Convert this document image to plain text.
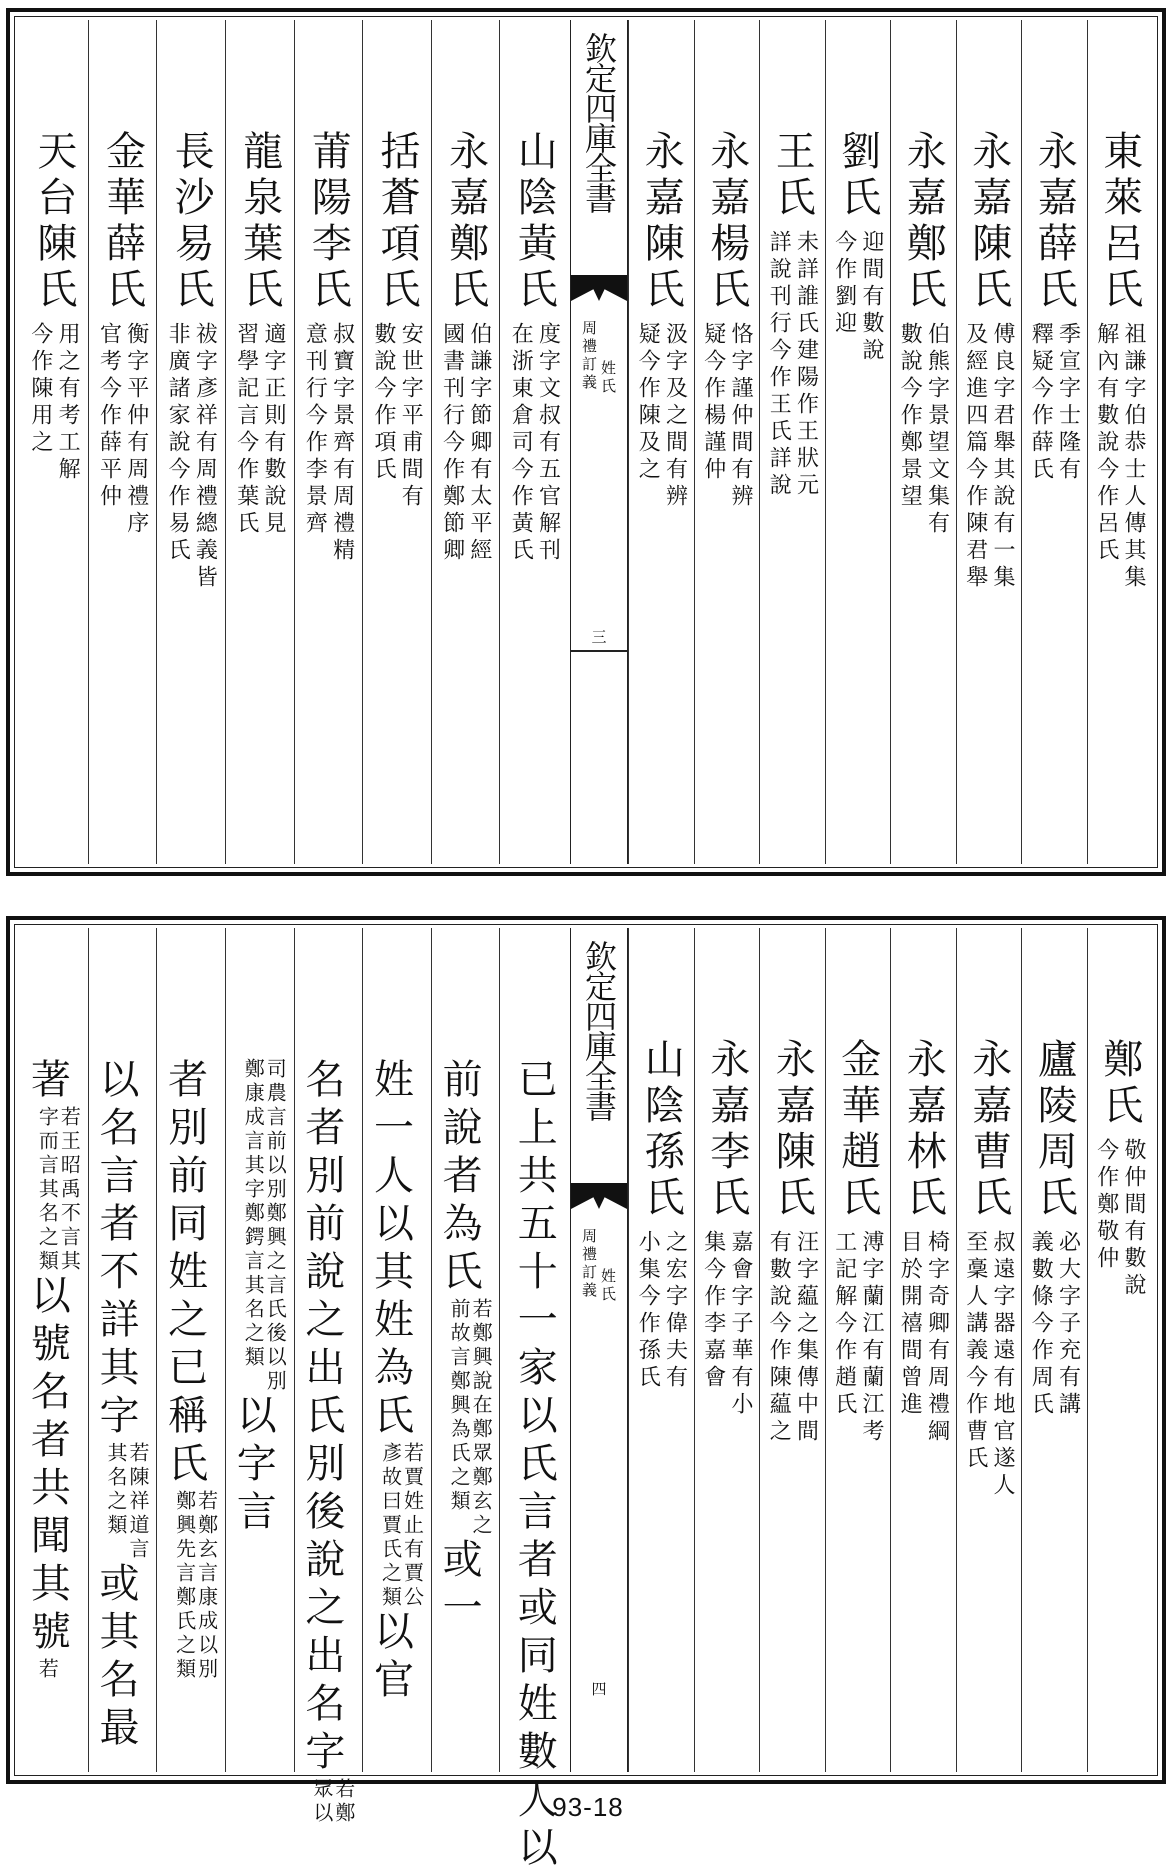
東萊呂氏
祖謙字伯恭士人傳其集
解內有數說今作呂氏
永嘉薛氏
季宣字士隆有
釋疑今作薛氏
永嘉陳氏
傅良字君舉其說有一集
及經進四篇今作陳君舉
永嘉鄭氏
伯熊字景望文集有
數說今作鄭景望
劉氏
迎間有數說
今作劉迎
王氏
未詳誰氏建陽作王狀元
詳說刊行今作王氏詳說
永嘉楊氏
恪字謹仲間有辨
疑今作楊謹仲
永嘉陳氏
汲字及之間有辨
疑今作陳及之
欽定四庫全書
周禮訂義 姓氏
三
山陰黃氏
度字文叔有五官解刊
在浙東倉司今作黃氏
永嘉鄭氏
伯謙字節卿有太平經
國書刊行今作鄭節卿
括蒼項氏
安世字平甫間有
數說今作項氏
莆陽李氏
叔寶字景齊有周禮精
意刊行今作李景齊
龍泉葉氏
適字正則有數說見
習學記言今作葉氏
長沙易氏
祓字彥祥有周禮總義皆
非廣諸家說今作易氏
金華薛氏
衡字平仲有周禮序
官考今作薛平仲
天台陳氏
用之有考工解
今作陳用之
鄭氏
敬仲間有數說
今作鄭敬仲
廬陵周氏
必大字子充有講
義數條今作周氏
永嘉曹氏
叔遠字器遠有地官遂人
至稾人講義今作曹氏
永嘉林氏
椅字奇卿有周禮綱
目於開禧間曾進
金華趙氏
溥字蘭江有蘭江考
工記解今作趙氏
永嘉陳氏
汪字藴之集傳中間
有數說今作陳藴之
永嘉李氏
嘉會字子華有小
集今作李嘉會
山陰孫氏
之宏字偉夫有
小集今作孫氏
欽定四庫全書
周禮訂義 姓氏
四
已上共五十一家以氏言者或同姓數人以
前說者為氏
若鄭興說在鄭眾鄭玄之
前故言鄭興為氏之類
或一
姓一人以其姓為氏
若賈姓止有賈公
彥故曰賈氏之類
以官
名者別前說之出氏別後說之出名字
若鄭
眾以
司農言前以別鄭興之言氏後以別
鄭康成言其字鄭鍔言其名之類
以字言
者別前同姓之已稱氏
若鄭玄言康成以別
鄭興先言鄭氏之類
以名言者不詳其字
若陳祥道言
其名之類
或其名最
著
若王昭禹不言其
字而言其名之類
以號名者共聞其號
若
93-18
